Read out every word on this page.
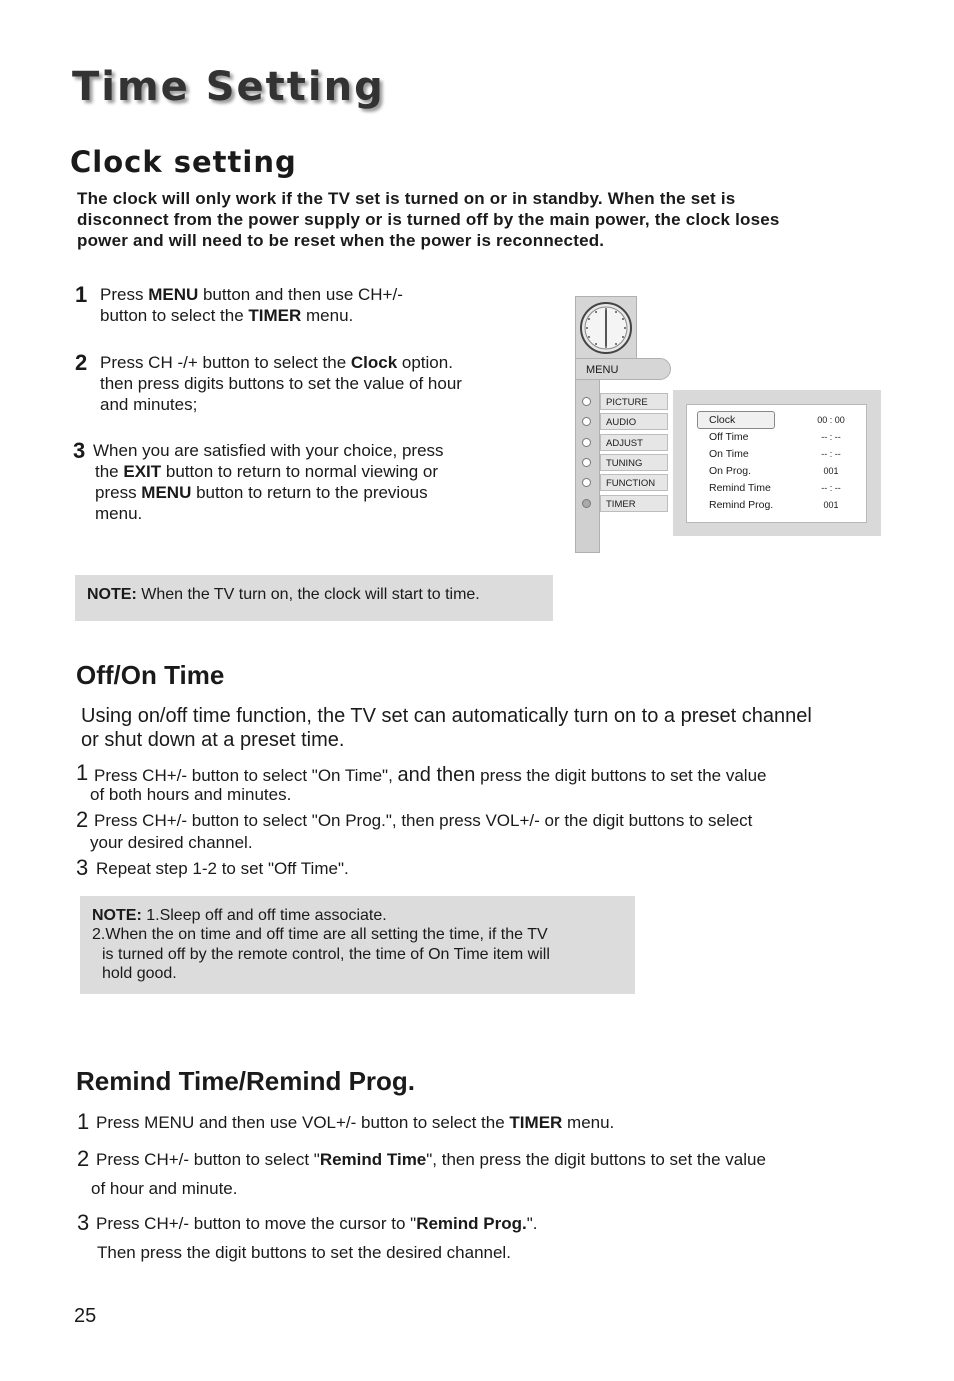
Time Setting
Clock setting
The clock will only work if the TV set is turned on or in standby. When the set is
disconnect from the power supply or is turned off by the main power, the clock loses
power and will need to be reset when the power is reconnected.
1 Press MENU button and then use CH+/-
button to select the TIMER menu.
2 Press CH -/+ button to select the Clock option.
then press digits buttons to set the value of hour
and minutes;
3 When you are satisfied with your choice, press
the EXIT button to return to normal viewing or
press MENU button to return to the previous
menu.
NOTE: When the TV turn on, the clock will start to time.
MENU
PICTURE
AUDIO
ADJUST
TUNING
FUNCTION
TIMER
Clock	00 : 00
Off Time	-- : --
On Time	-- : --
On Prog.	001
Remind Time	-- : --
Remind Prog.	001
Off/On Time
Using on/off time function, the TV set can automatically turn on to a preset channel
or shut down at a preset time.
1 Press CH+/- button to select "On Time", and then press the digit buttons to set the value
of both hours and minutes.
2 Press CH+/- button to select "On Prog.", then press VOL+/- or the digit buttons to select
your desired channel.
3 Repeat step 1-2 to set "Off Time".
NOTE: 1.Sleep off and off time associate.
2.When the on time and off time are all setting the time, if the TV
is turned off by the remote control, the time of On Time item will
hold good.
Remind Time/Remind Prog.
1 Press MENU and then use VOL+/- button to select the TIMER menu.
2 Press CH+/- button to select "Remind Time", then press the digit buttons to set the value
of hour and minute.
3 Press CH+/- button to move the cursor to "Remind Prog.".
Then press the digit buttons to set the desired channel.
25
